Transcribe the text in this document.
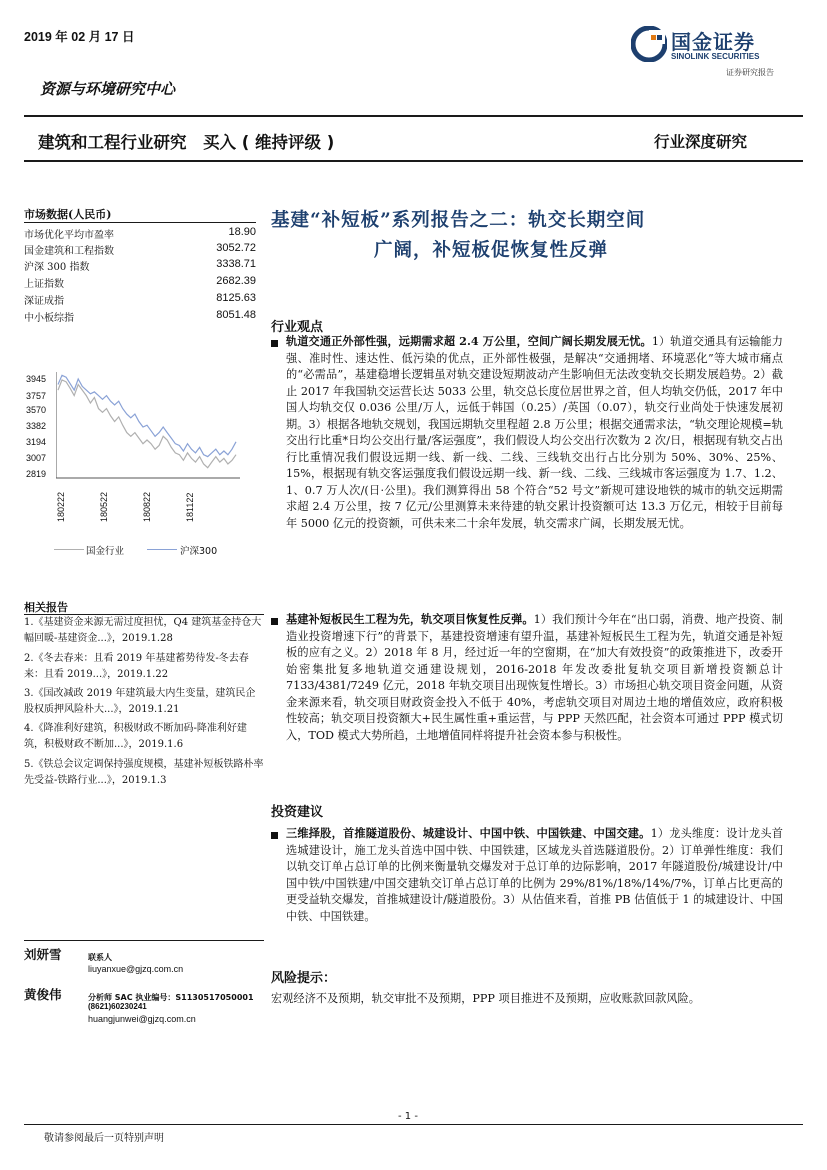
2019 年 02 月 17 日	国金证券
SINOLINK SECURITIES
证券研究报告
资源与环境研究中心
建筑和工程行业研究　买入 ( 维持评级 )	行业深度研究
基建“补短板”系列报告之二：轨交长期空间
广阔，补短板促恢复性反弹
市场数据(人民币)
市场优化平均市盈率	18.90
国金建筑和工程指数	3052.72
沪深 300 指数	3338.71
上证指数	2682.39
深证成指	8125.63
中小板综指	8051.48
3945
3757
3570
3382
3194
3007
2819
180222	180522	180822	181122
国金行业	沪深300
相关报告
1.《基建资金来源无需过度担忧，Q4 建筑基金持仓大幅回暖-基建资金...》，2019.1.28
2.《冬去春来：且看 2019 年基建蓄势待发-冬去春来：且看 2019...》，2019.1.22
3.《国改减政 2019 年建筑最大内生变量，建筑民企股权质押风险朴大...》，2019.1.21
4.《降准利好建筑，积极财政不断加码-降准利好建筑，积极财政不断加...》，2019.1.6
5.《铁总会议定调保持强度规模，基建补短板铁路朴率先受益-铁路行业...》，2019.1.3
刘妍雪	联系人
liuyanxue@gjzq.com.cn
黄俊伟	分析师 SAC 执业编号：S1130517050001
(8621)60230241
huangjunwei@gjzq.com.cn
行业观点
轨道交通正外部性强，远期需求超 2.4 万公里，空间广阔长期发展无忧。1）轨道交通具有运输能力强、准时性、速达性、低污染的优点，正外部性极强，是解决“交通拥堵、环境恶化”等大城市痛点的“必需品”，基建稳增长逻辑虽对轨交建设短期波动产生影响但无法改变轨交长期发展趋势。2）截止 2017 年我国轨交运营长达 5033 公里，轨交总长度位居世界之首，但人均轨交仍低，2017 年中国人均轨交仅 0.036 公里/万人，远低于韩国（0.25）/英国（0.07），轨交行业尚处于快速发展初期。3）根据各地轨交规划，我国远期轨交里程超 2.8 万公里；根据交通需求法，“轨交理论规模=轨交出行比重*日均公交出行量/客运强度”，我们假设人均公交出行次数为 2 次/日，根据现有轨交占出行比重情况我们假设远期一线、新一线、二线、三线轨交出行占比分别为 50%、30%、25%、15%，根据现有轨交客运强度我们假设远期一线、新一线、二线、三线城市客运强度为 1.7、1.2、1、0.7 万人次/(日·公里)。我们测算得出 58 个符合“52 号文”新规可建设地铁的城市的轨交远期需求超 2.4 万公里，按 7 亿元/公里测算未来待建的轨交累计投资额可达 13.3 万亿元，相较于目前每年 5000 亿元的投资额，可供未来二十余年发展，轨交需求广阔，长期发展无忧。
基建补短板民生工程为先，轨交项目恢复性反弹。1）我们预计今年在“出口弱，消费、地产投资、制造业投资增速下行”的背景下，基建投资增速有望升温，基建补短板民生工程为先，轨道交通是补短板的应有之义。2）2018 年 8 月，经过近一年的空窗期，在“加大有效投资”的政策推进下，改委开始密集批复多地轨道交通建设规划，2016-2018 年发改委批复轨交项目新增投资额总计 7133/4381/7249 亿元，2018 年轨交项目出现恢复性增长。3）市场担心轨交项目资金问题，从资金来源来看，轨交项目财政资金投入不低于 40%，考虑轨交项目对周边土地的增值效应，政府积极性较高；轨交项目投资额大+民生属性重+重运营，与 PPP 天然匹配，社会资本可通过 PPP 模式切入，TOD 模式大势所趋，土地增值同样将提升社会资本参与积极性。
投资建议
三维择股，首推隧道股份、城建设计、中国中铁、中国铁建、中国交建。1）龙头维度：设计龙头首选城建设计，施工龙头首选中国中铁、中国铁建，区域龙头首选隧道股份。2）订单弹性维度：我们以轨交订单占总订单的比例来衡量轨交爆发对于总订单的边际影响，2017 年隧道股份/城建设计/中国中铁/中国铁建/中国交建轨交订单占总订单的比例为 29%/81%/18%/14%/7%，订单占比更高的更受益轨交爆发，首推城建设计/隧道股份。3）从估值来看，首推 PB 估值低于 1 的城建设计、中国中铁、中国铁建。
风险提示：
宏观经济不及预期，轨交审批不及预期，PPP 项目推进不及预期，应收账款回款风险。
- 1 -
敬请参阅最后一页特别声明
